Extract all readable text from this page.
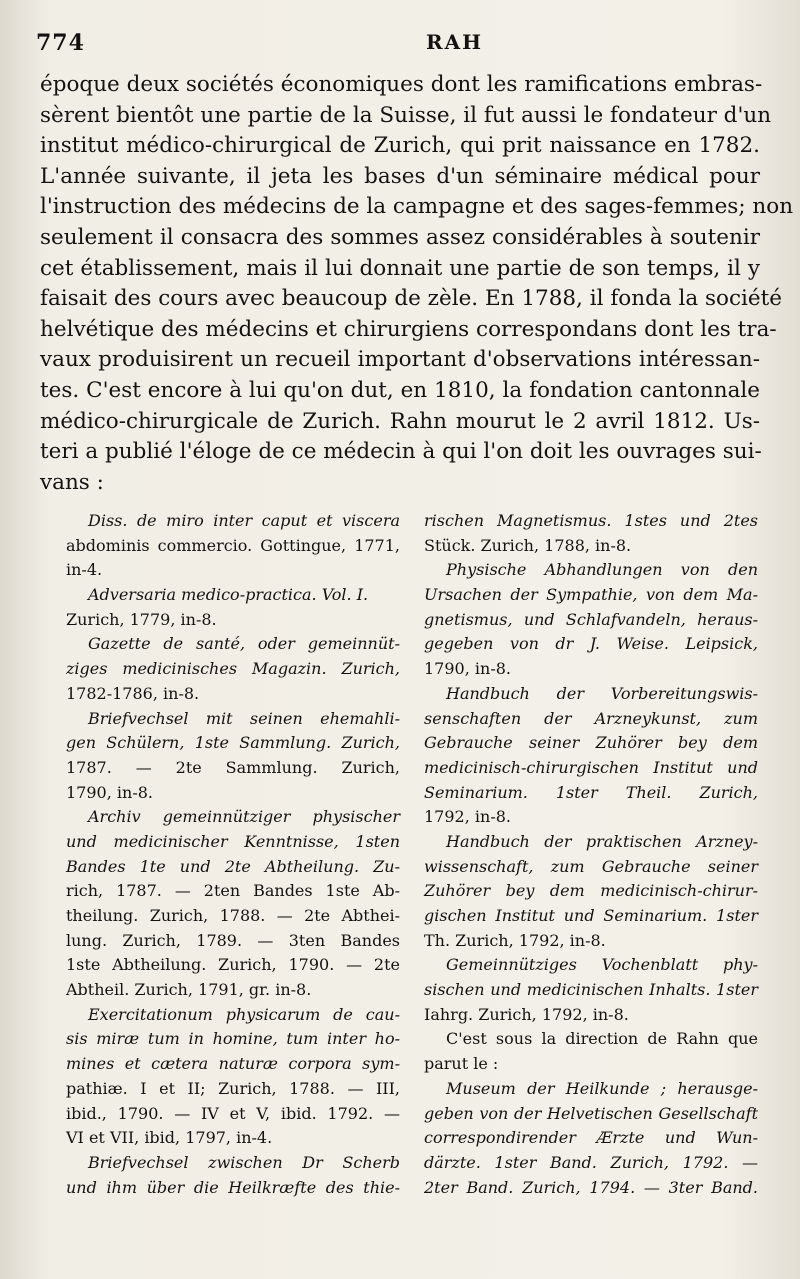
774	RAH
époque deux sociétés économiques dont les ramifications embras-
sèrent bientôt une partie de la Suisse, il fut aussi le fondateur d'un
institut médico-chirurgical de Zurich, qui prit naissance en 1782.
L'année suivante, il jeta les bases d'un séminaire médical pour
l'instruction des médecins de la campagne et des sages-femmes; non
seulement il consacra des sommes assez considérables à soutenir
cet établissement, mais il lui donnait une partie de son temps, il y
faisait des cours avec beaucoup de zèle. En 1788, il fonda la société
helvétique des médecins et chirurgiens correspondans dont les tra-
vaux produisirent un recueil important d'observations intéressan-
tes. C'est encore à lui qu'on dut, en 1810, la fondation cantonnale
médico-chirurgicale de Zurich. Rahn mourut le 2 avril 1812. Us-
teri a publié l'éloge de ce médecin à qui l'on doit les ouvrages sui-
vans :
Diss. de miro inter caput et viscera
abdominis commercio. Gottingue, 1771,
in-4.
Adversaria medico-practica. Vol. I.
Zurich, 1779, in-8.
Gazette de santé, oder gemeinnüt-
ziges medicinisches Magazin. Zurich,
1782-1786, in-8.
Briefvechsel mit seinen ehemahli-
gen Schülern, 1ste Sammlung. Zurich,
1787. — 2te Sammlung. Zurich,
1790, in-8.
Archiv gemeinnütziger physischer
und medicinischer Kenntnisse, 1sten
Bandes 1te und 2te Abtheilung. Zu-
rich, 1787. — 2ten Bandes 1ste Ab-
theilung. Zurich, 1788. — 2te Abthei-
lung. Zurich, 1789. — 3ten Bandes
1ste Abtheilung. Zurich, 1790. — 2te
Abtheil. Zurich, 1791, gr. in-8.
Exercitationum physicarum de cau-
sis miræ tum in homine, tum inter ho-
mines et cætera naturæ corpora sym-
pathiæ. I et II; Zurich, 1788. — III,
ibid., 1790. — IV et V, ibid. 1792. —
VI et VII, ibid, 1797, in-4.
Briefvechsel zwischen Dr Scherb
und ihm über die Heilkræfte des thie-
rischen Magnetismus. 1stes und 2tes
Stück. Zurich, 1788, in-8.
Physische Abhandlungen von den
Ursachen der Sympathie, von dem Ma-
gnetismus, und Schlafvandeln, heraus-
gegeben von dr J. Weise. Leipsick,
1790, in-8.
Handbuch der Vorbereitungswis-
senschaften der Arzneykunst, zum
Gebrauche seiner Zuhörer bey dem
medicinisch-chirurgischen Institut und
Seminarium. 1ster Theil. Zurich,
1792, in-8.
Handbuch der praktischen Arzney-
wissenschaft, zum Gebrauche seiner
Zuhörer bey dem medicinisch-chirur-
gischen Institut und Seminarium. 1ster
Th. Zurich, 1792, in-8.
Gemeinnütziges Vochenblatt phy-
sischen und medicinischen Inhalts. 1ster
Iahrg. Zurich, 1792, in-8.
C'est sous la direction de Rahn que
parut le :
Museum der Heilkunde ; herausge-
geben von der Helvetischen Gesellschaft
correspondirender Ærzte und Wun-
därzte. 1ster Band. Zurich, 1792. —
2ter Band. Zurich, 1794. — 3ter Band.
